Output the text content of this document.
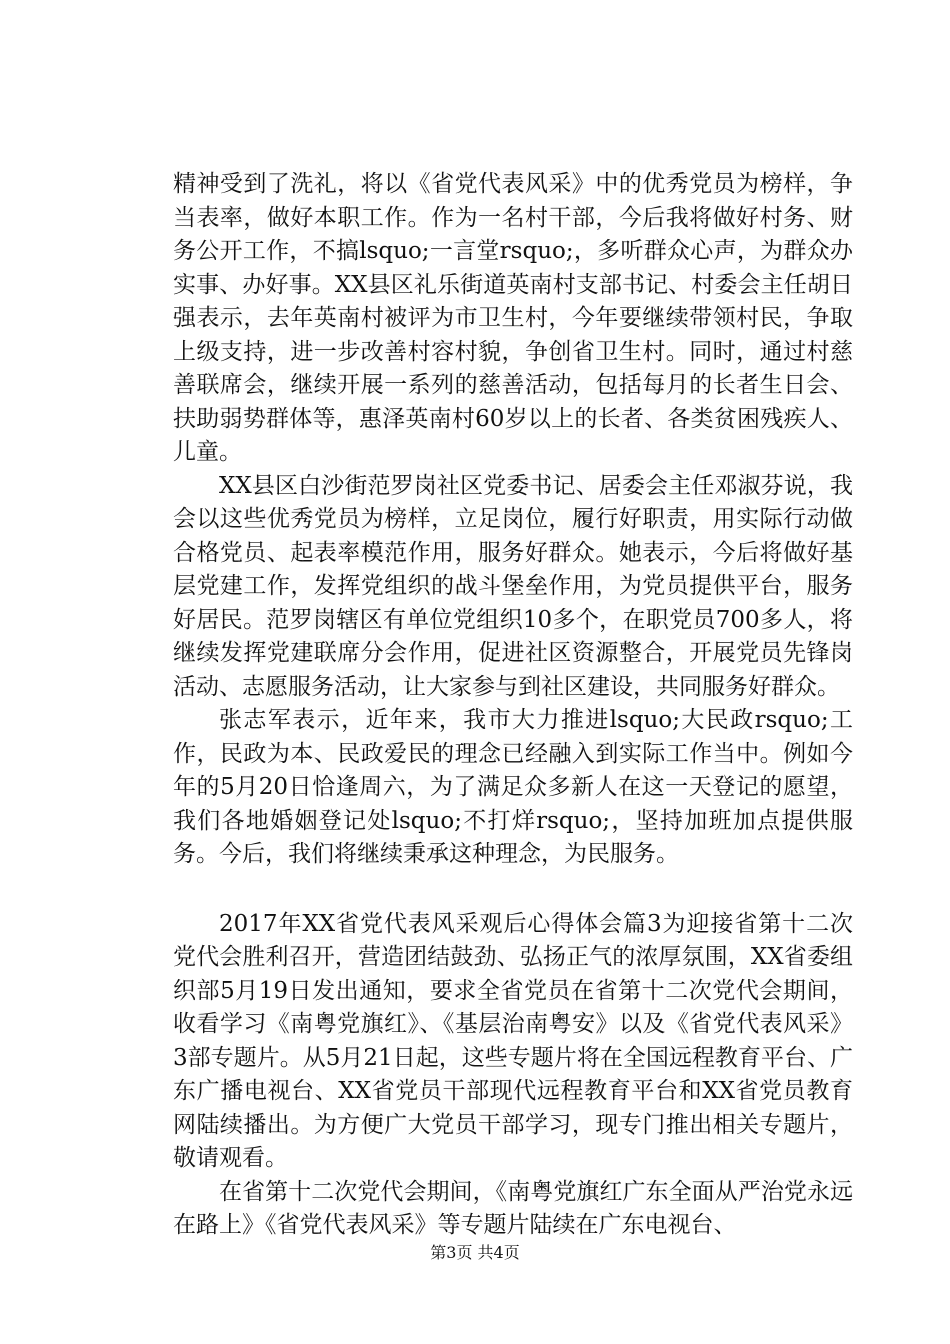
精神受到了洗礼，将以《省党代表风采》中的优秀党员为榜样，争当表率，做好本职工作。作为一名村干部，今后我将做好村务、财务公开工作，不搞lsquo;一言堂rsquo;，多听群众心声，为群众办实事、办好事。XX县区礼乐街道英南村支部书记、村委会主任胡日强表示，去年英南村被评为市卫生村，今年要继续带领村民，争取上级支持，进一步改善村容村貌，争创省卫生村。同时，通过村慈善联席会，继续开展一系列的慈善活动，包括每月的长者生日会、扶助弱势群体等，惠泽英南村60岁以上的长者、各类贫困残疾人、儿童。

XX县区白沙街范罗岗社区党委书记、居委会主任邓淑芬说，我会以这些优秀党员为榜样，立足岗位，履行好职责，用实际行动做合格党员、起表率模范作用，服务好群众。她表示，今后将做好基层党建工作，发挥党组织的战斗堡垒作用，为党员提供平台，服务好居民。范罗岗辖区有单位党组织10多个，在职党员700多人，将继续发挥党建联席分会作用，促进社区资源整合，开展党员先锋岗活动、志愿服务活动，让大家参与到社区建设，共同服务好群众。

张志军表示，近年来，我市大力推进lsquo;大民政rsquo;工作，民政为本、民政爱民的理念已经融入到实际工作当中。例如今年的5月20日恰逢周六，为了满足众多新人在这一天登记的愿望，我们各地婚姻登记处lsquo;不打烊rsquo;，坚持加班加点提供服务。今后，我们将继续秉承这种理念，为民服务。

2017年XX省党代表风采观后心得体会篇3为迎接省第十二次党代会胜利召开，营造团结鼓劲、弘扬正气的浓厚氛围，XX省委组织部5月19日发出通知，要求全省党员在省第十二次党代会期间，收看学习《南粤党旗红》、《基层治南粤安》以及《省党代表风采》3部专题片。从5月21日起，这些专题片将在全国远程教育平台、广东广播电视台、XX省党员干部现代远程教育平台和XX省党员教育网陆续播出。为方便广大党员干部学习，现专门推出相关专题片，敬请观看。

在省第十二次党代会期间，《南粤党旗红广东全面从严治党永远在路上》《省党代表风采》等专题片陆续在广东电视台、

第3页 共4页
